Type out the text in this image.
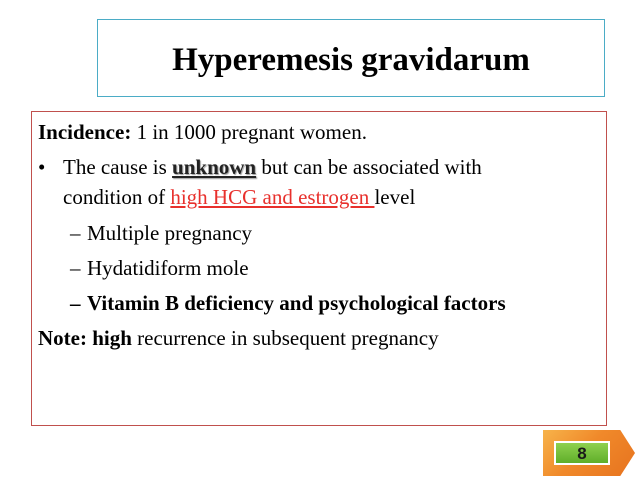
Hyperemesis gravidarum
Incidence: 1 in 1000 pregnant women.
• The cause is unknown but can be associated with
condition of high HCG and estrogen level
– Multiple pregnancy
– Hydatidiform mole
– Vitamin B deficiency and psychological factors
Note: high recurrence in subsequent pregnancy
8
